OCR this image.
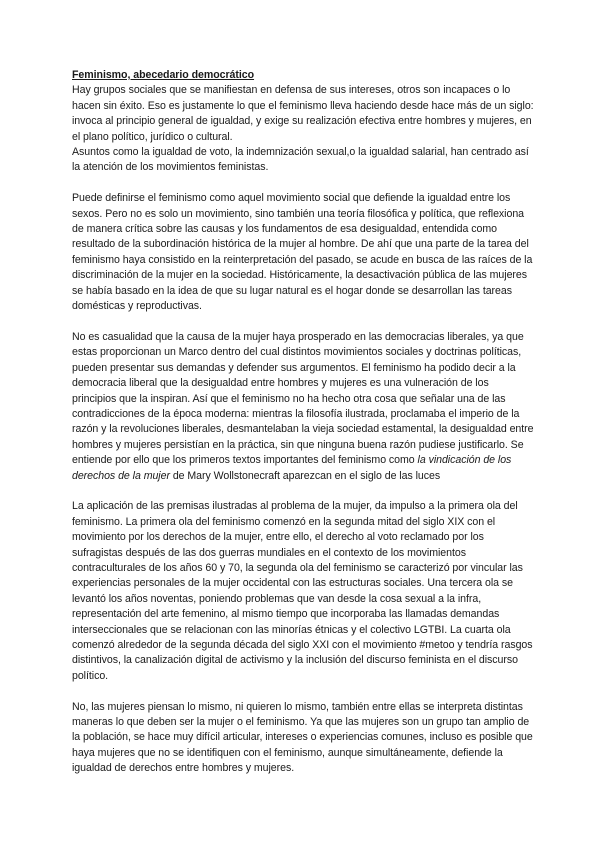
Feminismo, abecedario democrático

Hay grupos sociales que se manifiestan en defensa de sus intereses, otros son incapaces o lo hacen sin éxito. Eso es justamente lo que el feminismo lleva haciendo desde hace más de un siglo: invoca al principio general de igualdad, y exige su realización efectiva entre hombres y mujeres, en el plano político, jurídico o cultural.

Asuntos como la igualdad de voto, la indemnización sexual,o la igualdad salarial, han centrado así la atención de los movimientos feministas.

Puede definirse el feminismo como aquel movimiento social que defiende la igualdad entre los sexos. Pero no es solo un movimiento, sino también una teoría filosófica y política, que reflexiona de manera crítica sobre las causas y los fundamentos de esa desigualdad, entendida como resultado de la subordinación histórica de la mujer al hombre. De ahí que una parte de la tarea del feminismo haya consistido en la reinterpretación del pasado, se acude en busca de las raíces de la discriminación de la mujer en la sociedad. Históricamente, la desactivación pública de las mujeres se había basado en la idea de que su lugar natural es el hogar donde se desarrollan las tareas domésticas y reproductivas.

No es casualidad que la causa de la mujer haya prosperado en las democracias liberales, ya que estas proporcionan un Marco dentro del cual distintos movimientos sociales y doctrinas políticas, pueden presentar sus demandas y defender sus argumentos. El feminismo ha podido decir a la democracia liberal que la desigualdad entre hombres y mujeres es una vulneración de los principios que la inspiran. Así que el feminismo no ha hecho otra cosa que señalar una de las contradicciones de la época moderna: mientras la filosofía ilustrada, proclamaba el imperio de la razón y la revoluciones liberales, desmantelaban la vieja sociedad estamental, la desigualdad entre hombres y mujeres persistían en la práctica, sin que ninguna buena razón pudiese justificarlo. Se entiende por ello que los primeros textos importantes del feminismo como la vindicación de los derechos de la mujer de Mary Wollstonecraft aparezcan en el siglo de las luces

La aplicación de las premisas ilustradas al problema de la mujer, da impulso a la primera ola del feminismo. La primera ola del feminismo comenzó en la segunda mitad del siglo XIX con el movimiento por los derechos de la mujer, entre ello, el derecho al voto reclamado por los sufragistas después de las dos guerras mundiales en el contexto de los movimientos contraculturales de los años 60 y 70, la segunda ola del feminismo se caracterizó por vincular las experiencias personales de la mujer occidental con las estructuras sociales. Una tercera ola se levantó los años noventas, poniendo problemas que van desde la cosa sexual a la infra, representación del arte femenino, al mismo tiempo que incorporaba las llamadas demandas interseccionales que se relacionan con las minorías étnicas y el colectivo LGTBI. La cuarta ola comenzó alrededor de la segunda década del siglo XXI con el movimiento #metoo y tendría rasgos distintivos, la canalización digital de activismo y la inclusión del discurso feminista en el discurso político.

No, las mujeres piensan lo mismo, ni quieren lo mismo, también entre ellas se interpreta distintas maneras lo que deben ser la mujer o el feminismo. Ya que las mujeres son un grupo tan amplio de la población, se hace muy difícil articular, intereses o experiencias comunes, incluso es posible que haya mujeres que no se identifiquen con el feminismo, aunque simultáneamente, defiende la igualdad de derechos entre hombres y mujeres.
